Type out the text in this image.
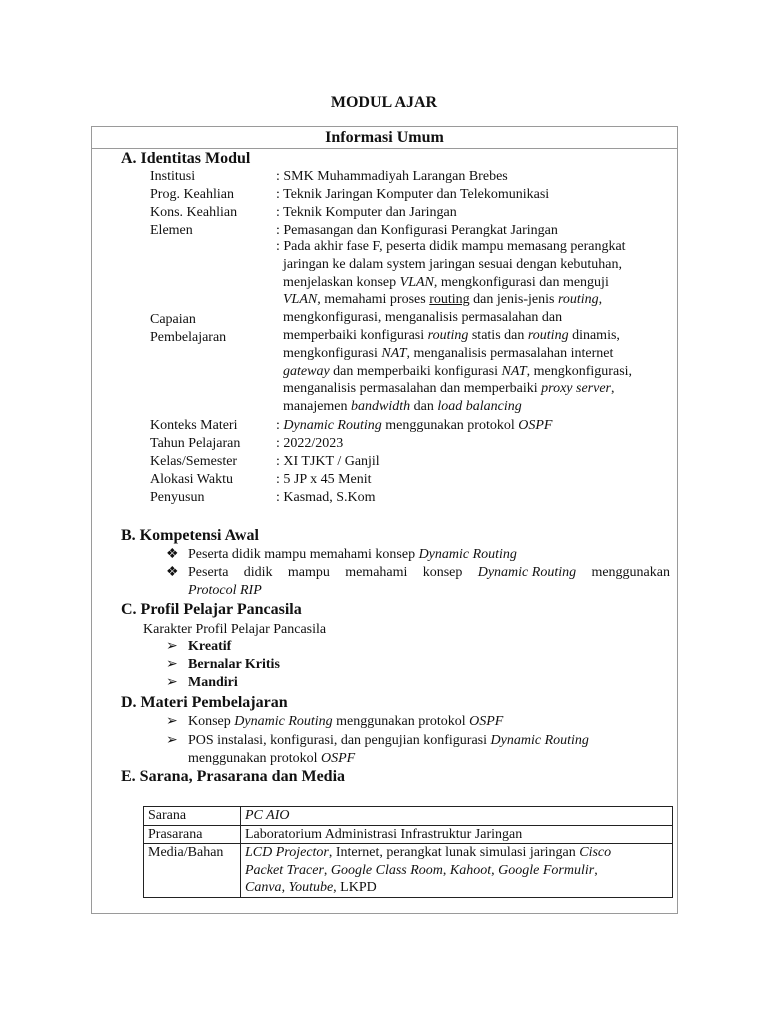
MODUL AJAR
Informasi Umum
A. Identitas Modul
Institusi	: SMK Muhammadiyah Larangan Brebes
Prog. Keahlian	: Teknik Jaringan Komputer dan Telekomunikasi
Kons. Keahlian	: Teknik Komputer dan Jaringan
Elemen	: Pemasangan dan Konfigurasi Perangkat Jaringan
Capaian
Pembelajaran
: Pada akhir fase F, peserta didik mampu memasang perangkat
jaringan ke dalam system jaringan sesuai dengan kebutuhan,
menjelaskan konsep VLAN, mengkonfigurasi dan menguji
VLAN, memahami proses routing dan jenis-jenis routing,
mengkonfigurasi, menganalisis permasalahan dan
memperbaiki konfigurasi routing statis dan routing dinamis,
mengkonfigurasi NAT, menganalisis permasalahan internet
gateway dan memperbaiki konfigurasi NAT, mengkonfigurasi,
menganalisis permasalahan dan memperbaiki proxy server,
manajemen bandwidth dan load balancing
Konteks Materi	: Dynamic Routing menggunakan protokol OSPF
Tahun Pelajaran	: 2022/2023
Kelas/Semester	: XI TJKT / Ganjil
Alokasi Waktu	: 5 JP x 45 Menit
Penyusun	: Kasmad, S.Kom
B. Kompetensi Awal
❖ Peserta didik mampu memahami konsep Dynamic Routing
❖ Peserta didik mampu memahami konsep Dynamic Routing menggunakan
Protocol RIP
C. Profil Pelajar Pancasila
Karakter Profil Pelajar Pancasila
➢ Kreatif
➢ Bernalar Kritis
➢ Mandiri
D. Materi Pembelajaran
➢ Konsep Dynamic Routing menggunakan protokol OSPF
➢ POS instalasi, konfigurasi, dan pengujian konfigurasi Dynamic Routing
menggunakan protokol OSPF
E. Sarana, Prasarana dan Media
Sarana	PC AIO
Prasarana	Laboratorium Administrasi Infrastruktur Jaringan
Media/Bahan	LCD Projector, Internet, perangkat lunak simulasi jaringan Cisco
Packet Tracer, Google Class Room, Kahoot, Google Formulir,
Canva, Youtube, LKPD
